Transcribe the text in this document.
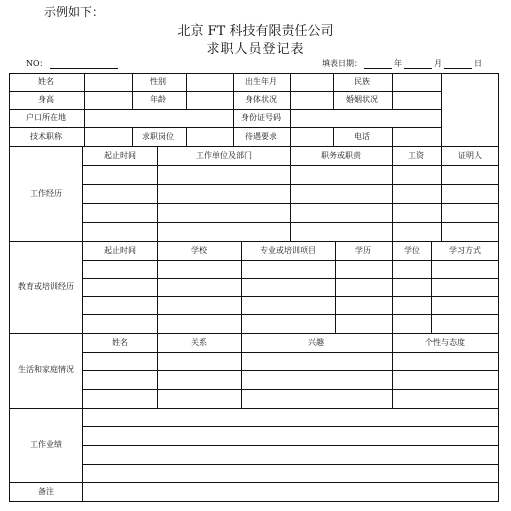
示例如下：
北京 FT 科技有限责任公司
求职人员登记表
NO：	填表日期：	年	月	日
姓名	性别	出生年月	民族
身高	年龄	身体状况	婚姻状况
户口所在地	身份证号码
技术职称	求职岗位	待遇要求	电话
工作经历
起止时间	工作单位及部门	职务或职责	工资	证明人
教育或培训经历
起止时间	学校	专业或培训项目	学历	学位	学习方式
生活和家庭情况
姓名	关系	兴趣	个性与态度
工作业绩
备注
